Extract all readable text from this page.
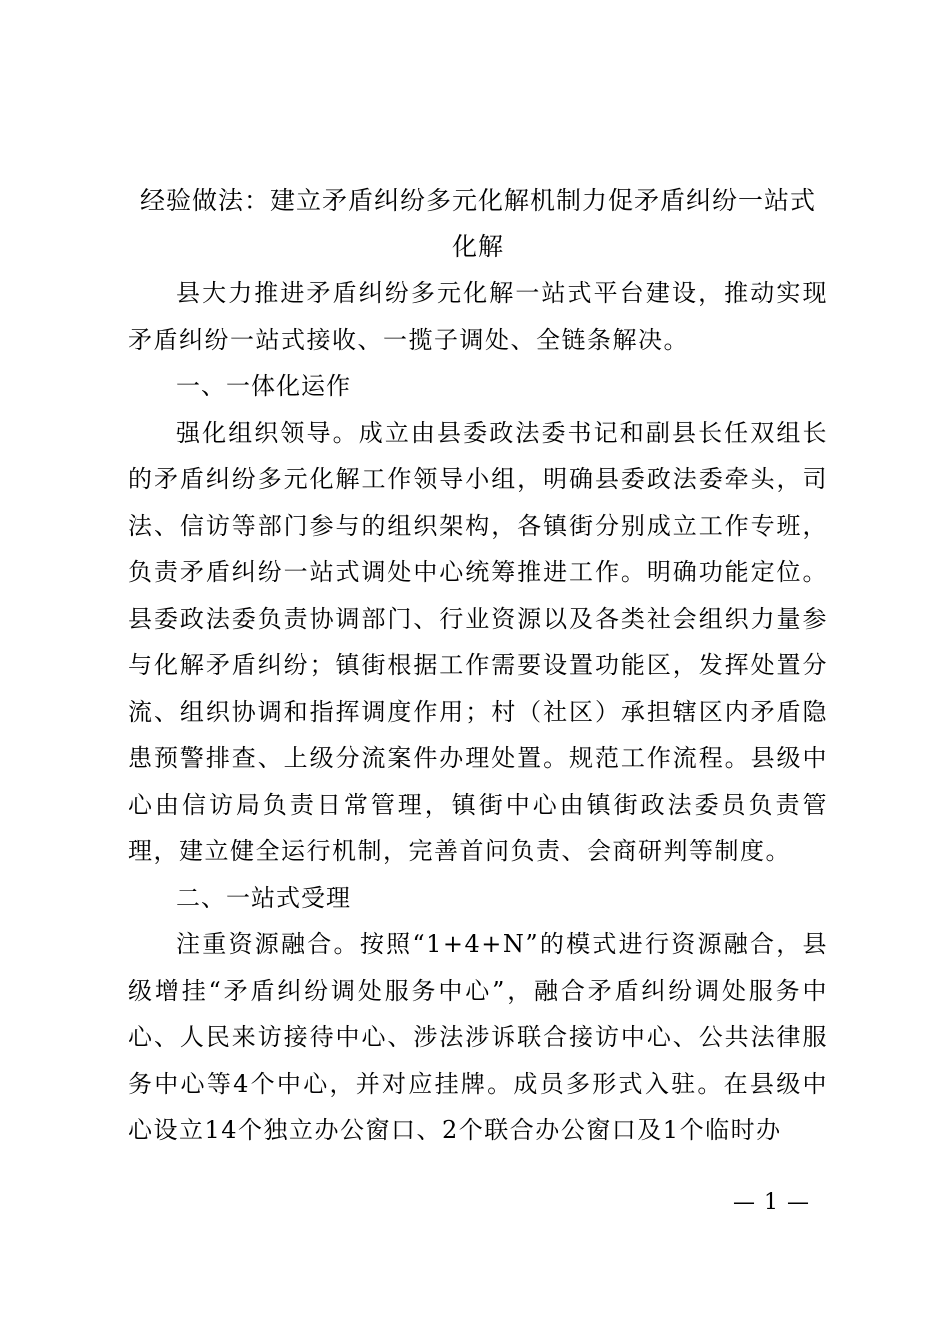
经验做法：建立矛盾纠纷多元化解机制力促矛盾纠纷一站式化解

县大力推进矛盾纠纷多元化解一站式平台建设，推动实现矛盾纠纷一站式接收、一揽子调处、全链条解决。

一、一体化运作

强化组织领导。成立由县委政法委书记和副县长任双组长的矛盾纠纷多元化解工作领导小组，明确县委政法委牵头，司法、信访等部门参与的组织架构，各镇街分别成立工作专班，负责矛盾纠纷一站式调处中心统筹推进工作。明确功能定位。县委政法委负责协调部门、行业资源以及各类社会组织力量参与化解矛盾纠纷；镇街根据工作需要设置功能区，发挥处置分流、组织协调和指挥调度作用；村（社区）承担辖区内矛盾隐患预警排查、上级分流案件办理处置。规范工作流程。县级中心由信访局负责日常管理，镇街中心由镇街政法委员负责管理，建立健全运行机制，完善首问负责、会商研判等制度。

二、一站式受理

注重资源融合。按照“1+4+N”的模式进行资源融合，县级增挂“矛盾纠纷调处服务中心”，融合矛盾纠纷调处服务中心、人民来访接待中心、涉法涉诉联合接访中心、公共法律服务中心等4个中心，并对应挂牌。成员多形式入驻。在县级中心设立14个独立办公窗口、2个联合办公窗口及1个临时办

— 1 —
